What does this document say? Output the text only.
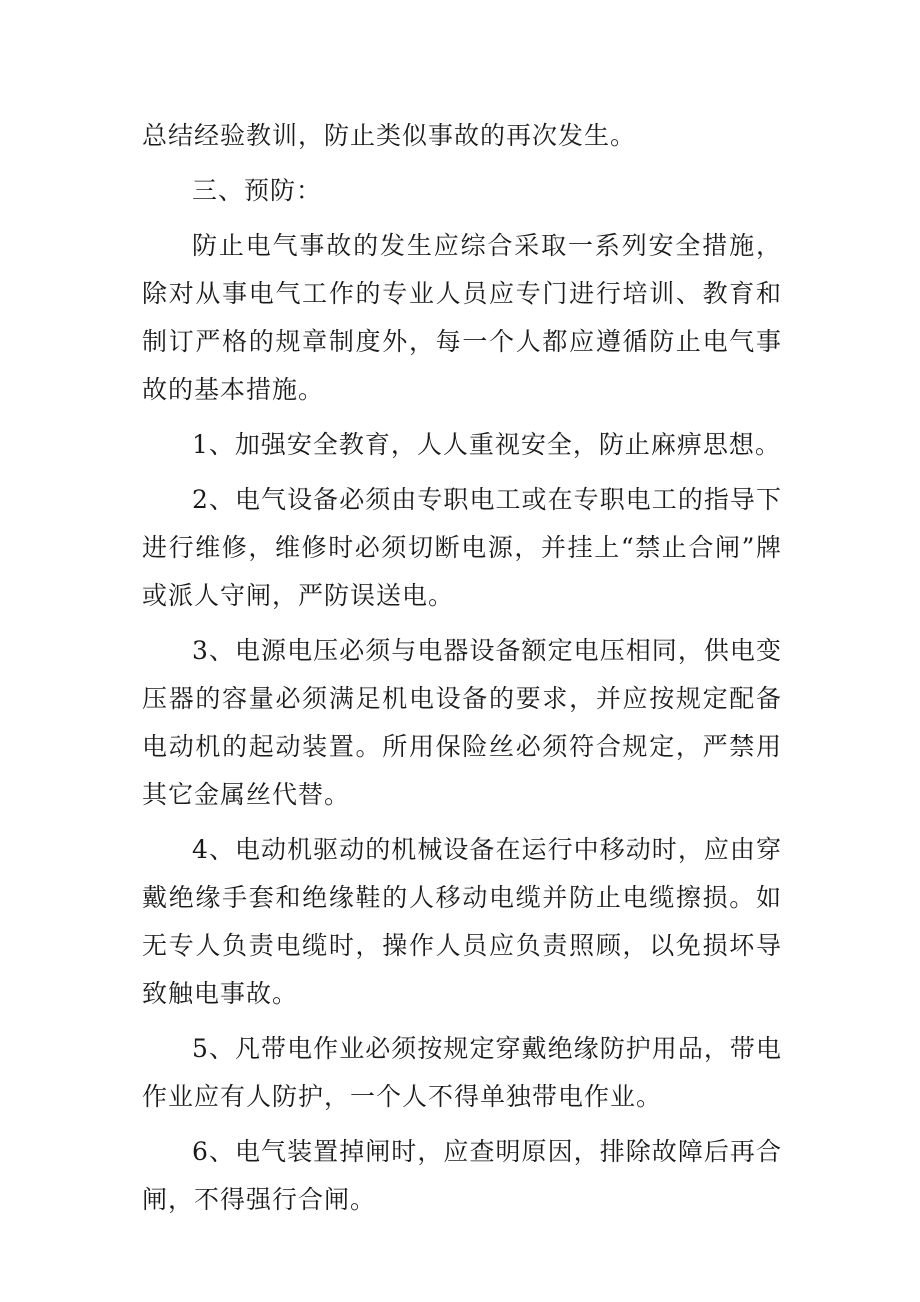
总结经验教训，防止类似事故的再次发生。

三、预防：

防止电气事故的发生应综合采取一系列安全措施，除对从事电气工作的专业人员应专门进行培训、教育和制订严格的规章制度外，每一个人都应遵循防止电气事故的基本措施。

1、加强安全教育，人人重视安全，防止麻痹思想。

2、电气设备必须由专职电工或在专职电工的指导下进行维修，维修时必须切断电源，并挂上“禁止合闸”牌或派人守闸，严防误送电。

3、电源电压必须与电器设备额定电压相同，供电变压器的容量必须满足机电设备的要求，并应按规定配备电动机的起动装置。所用保险丝必须符合规定，严禁用其它金属丝代替。

4、电动机驱动的机械设备在运行中移动时，应由穿戴绝缘手套和绝缘鞋的人移动电缆并防止电缆擦损。如无专人负责电缆时，操作人员应负责照顾，以免损坏导致触电事故。

5、凡带电作业必须按规定穿戴绝缘防护用品，带电作业应有人防护，一个人不得单独带电作业。

6、电气装置掉闸时，应查明原因，排除故障后再合闸，不得强行合闸。
